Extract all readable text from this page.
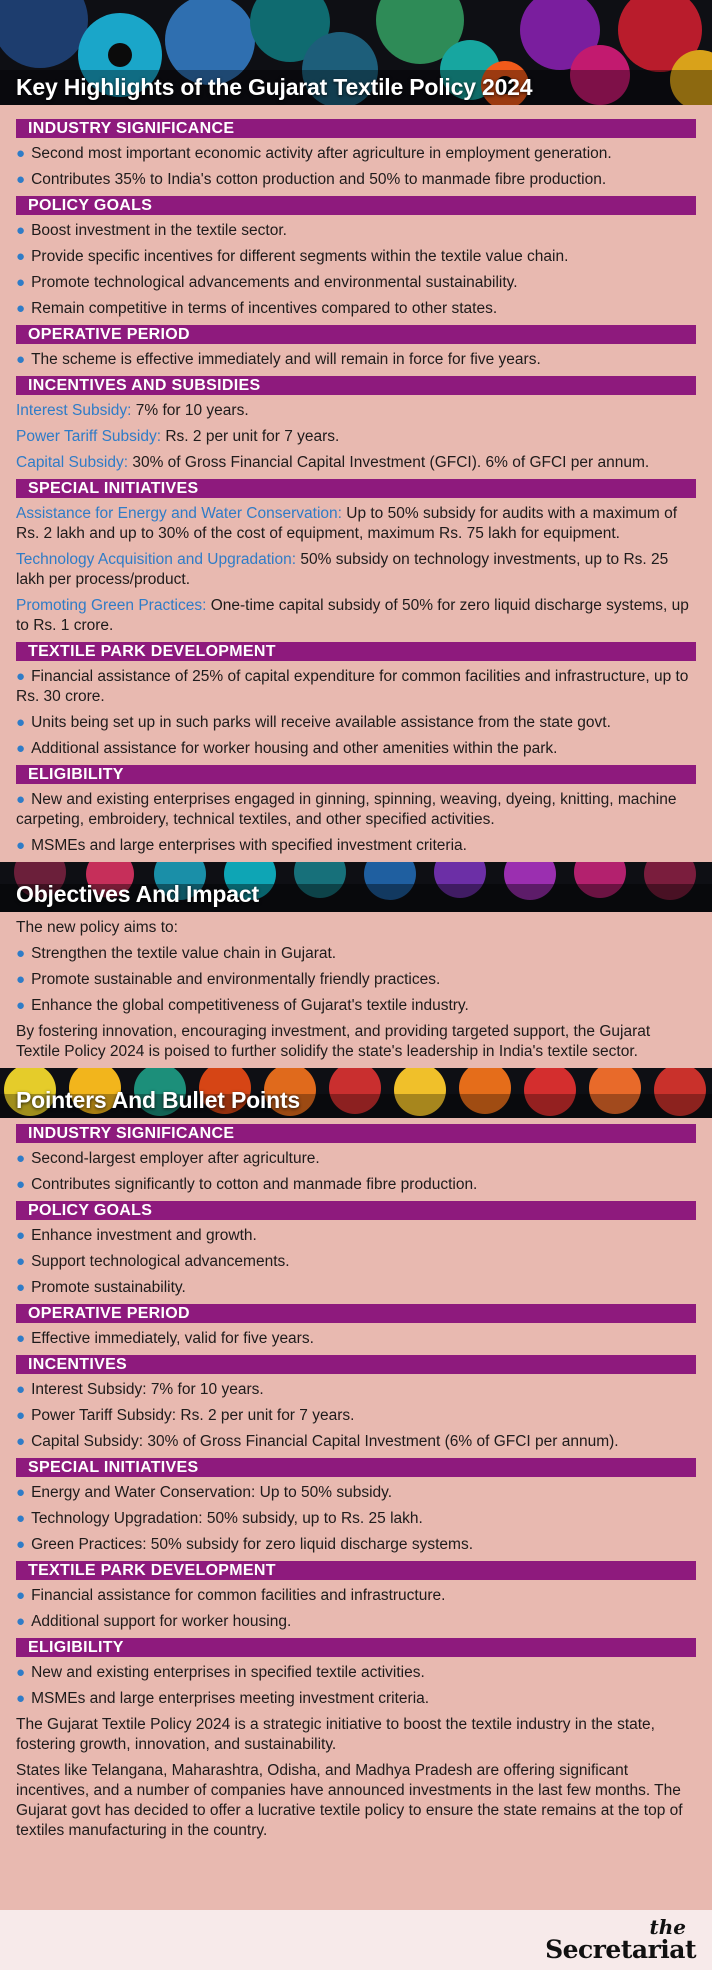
Key Highlights of the Gujarat Textile Policy 2024
INDUSTRY SIGNIFICANCE
● Second most important economic activity after agriculture in employment generation.
● Contributes 35% to India's cotton production and 50% to manmade fibre production.
POLICY GOALS
● Boost investment in the textile sector.
● Provide specific incentives for different segments within the textile value chain.
● Promote technological advancements and environmental sustainability.
● Remain competitive in terms of incentives compared to other states.
OPERATIVE PERIOD
● The scheme is effective immediately and will remain in force for five years.
INCENTIVES AND SUBSIDIES
Interest Subsidy: 7% for 10 years.
Power Tariff Subsidy: Rs. 2 per unit for 7 years.
Capital Subsidy: 30% of Gross Financial Capital Investment (GFCI). 6% of GFCI per annum.
SPECIAL INITIATIVES
Assistance for Energy and Water Conservation: Up to 50% subsidy for audits with a maximum of Rs. 2 lakh and up to 30% of the cost of equipment, maximum Rs. 75 lakh for equipment.
Technology Acquisition and Upgradation: 50% subsidy on technology investments, up to Rs. 25 lakh per process/product.
Promoting Green Practices: One-time capital subsidy of 50% for zero liquid discharge systems, up to Rs. 1 crore.
TEXTILE PARK DEVELOPMENT
● Financial assistance of 25% of capital expenditure for common facilities and infrastructure, up to Rs. 30 crore.
● Units being set up in such parks will receive available assistance from the state govt.
● Additional assistance for worker housing and other amenities within the park.
ELIGIBILITY
● New and existing enterprises engaged in ginning, spinning, weaving, dyeing, knitting, machine carpeting, embroidery, technical textiles, and other specified activities.
● MSMEs and large enterprises with specified investment criteria.
Objectives And Impact
The new policy aims to:
● Strengthen the textile value chain in Gujarat.
● Promote sustainable and environmentally friendly practices.
● Enhance the global competitiveness of Gujarat's textile industry.
By fostering innovation, encouraging investment, and providing targeted support, the Gujarat Textile Policy 2024 is poised to further solidify the state's leadership in India's textile sector.
Pointers And Bullet Points
INDUSTRY SIGNIFICANCE
● Second-largest employer after agriculture.
● Contributes significantly to cotton and manmade fibre production.
POLICY GOALS
● Enhance investment and growth.
● Support technological advancements.
● Promote sustainability.
OPERATIVE PERIOD
● Effective immediately, valid for five years.
INCENTIVES
● Interest Subsidy: 7% for 10 years.
● Power Tariff Subsidy: Rs. 2 per unit for 7 years.
● Capital Subsidy: 30% of Gross Financial Capital Investment (6% of GFCI per annum).
SPECIAL INITIATIVES
● Energy and Water Conservation: Up to 50% subsidy.
● Technology Upgradation: 50% subsidy, up to Rs. 25 lakh.
● Green Practices: 50% subsidy for zero liquid discharge systems.
TEXTILE PARK DEVELOPMENT
● Financial assistance for common facilities and infrastructure.
● Additional support for worker housing.
ELIGIBILITY
● New and existing enterprises in specified textile activities.
● MSMEs and large enterprises meeting investment criteria.
The Gujarat Textile Policy 2024 is a strategic initiative to boost the textile industry in the state, fostering growth, innovation, and sustainability.
States like Telangana, Maharashtra, Odisha, and Madhya Pradesh are offering significant incentives, and a number of companies have announced investments in the last few months. The Gujarat govt has decided to offer a lucrative textile policy to ensure the state remains at the top of textiles manufacturing in the country.
the
Secretariat
